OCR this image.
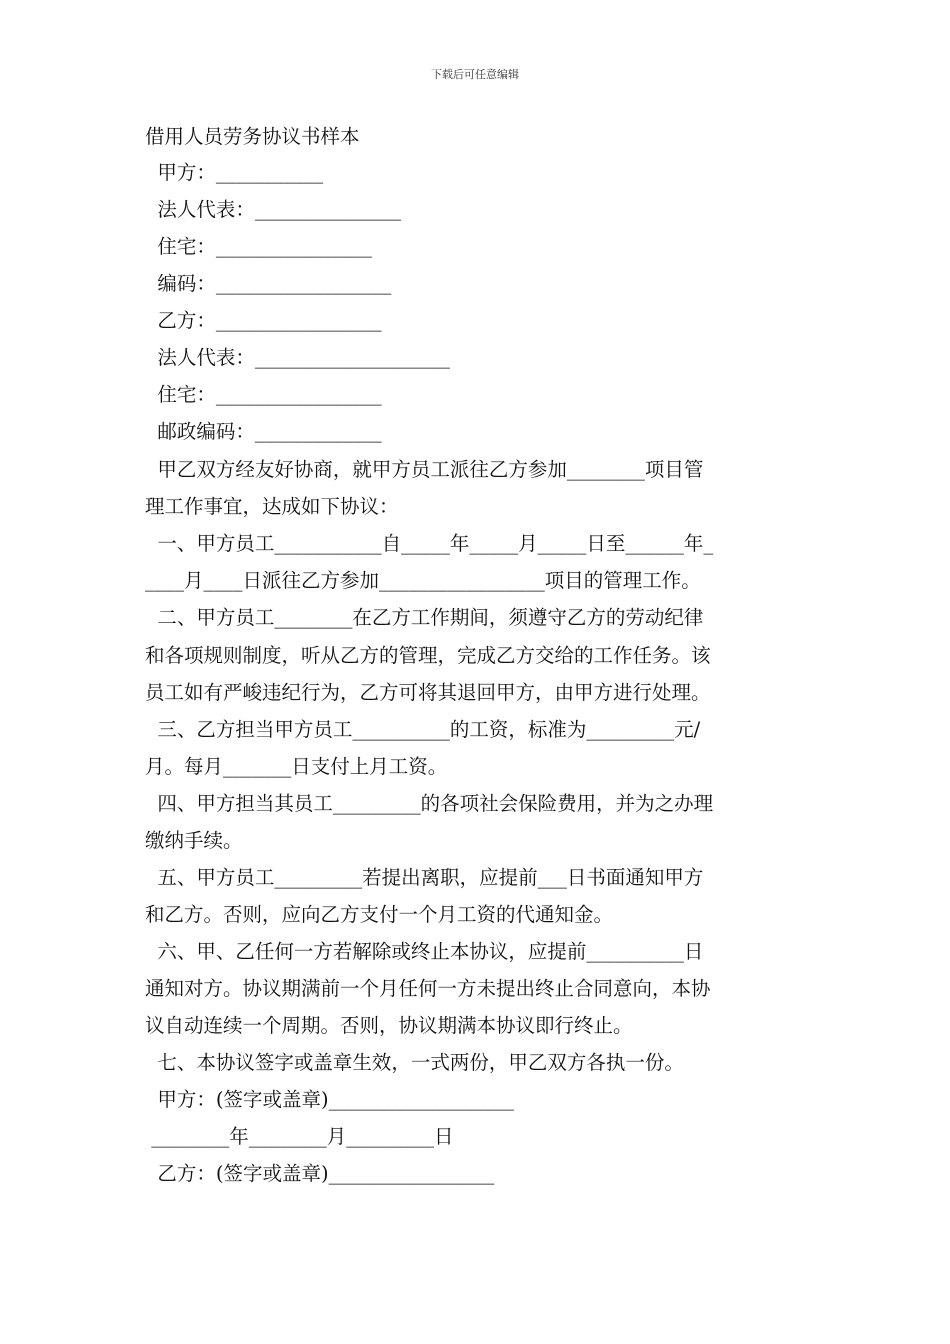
下载后可任意编辑
借用人员劳务协议书样本
甲方：___________
法人代表：_______________
住宅：________________
编码：__________________
乙方：_________________
法人代表：____________________
住宅：_________________
邮政编码：_____________
甲乙双方经友好协商，就甲方员工派往乙方参加________项目管
理工作事宜，达成如下协议：
一、甲方员工___________自_____年_____月_____日至______年_
____月____日派往乙方参加_________________项目的管理工作。
二、甲方员工________在乙方工作期间，须遵守乙方的劳动纪律
和各项规则制度，听从乙方的管理，完成乙方交给的工作任务。该
员工如有严峻违纪行为，乙方可将其退回甲方，由甲方进行处理。
三、乙方担当甲方员工__________的工资，标准为_________元/
月。每月_______日支付上月工资。
四、甲方担当其员工_________的各项社会保险费用，并为之办理
缴纳手续。
五、甲方员工_________若提出离职，应提前___日书面通知甲方
和乙方。否则，应向乙方支付一个月工资的代通知金。
六、甲、乙任何一方若解除或终止本协议，应提前__________日
通知对方。协议期满前一个月任何一方未提出终止合同意向，本协
议自动连续一个周期。否则，协议期满本协议即行终止。
七、本协议签字或盖章生效，一式两份，甲乙双方各执一份。
甲方：(签字或盖章)___________________
________年________月_________日
乙方：(签字或盖章)_________________
